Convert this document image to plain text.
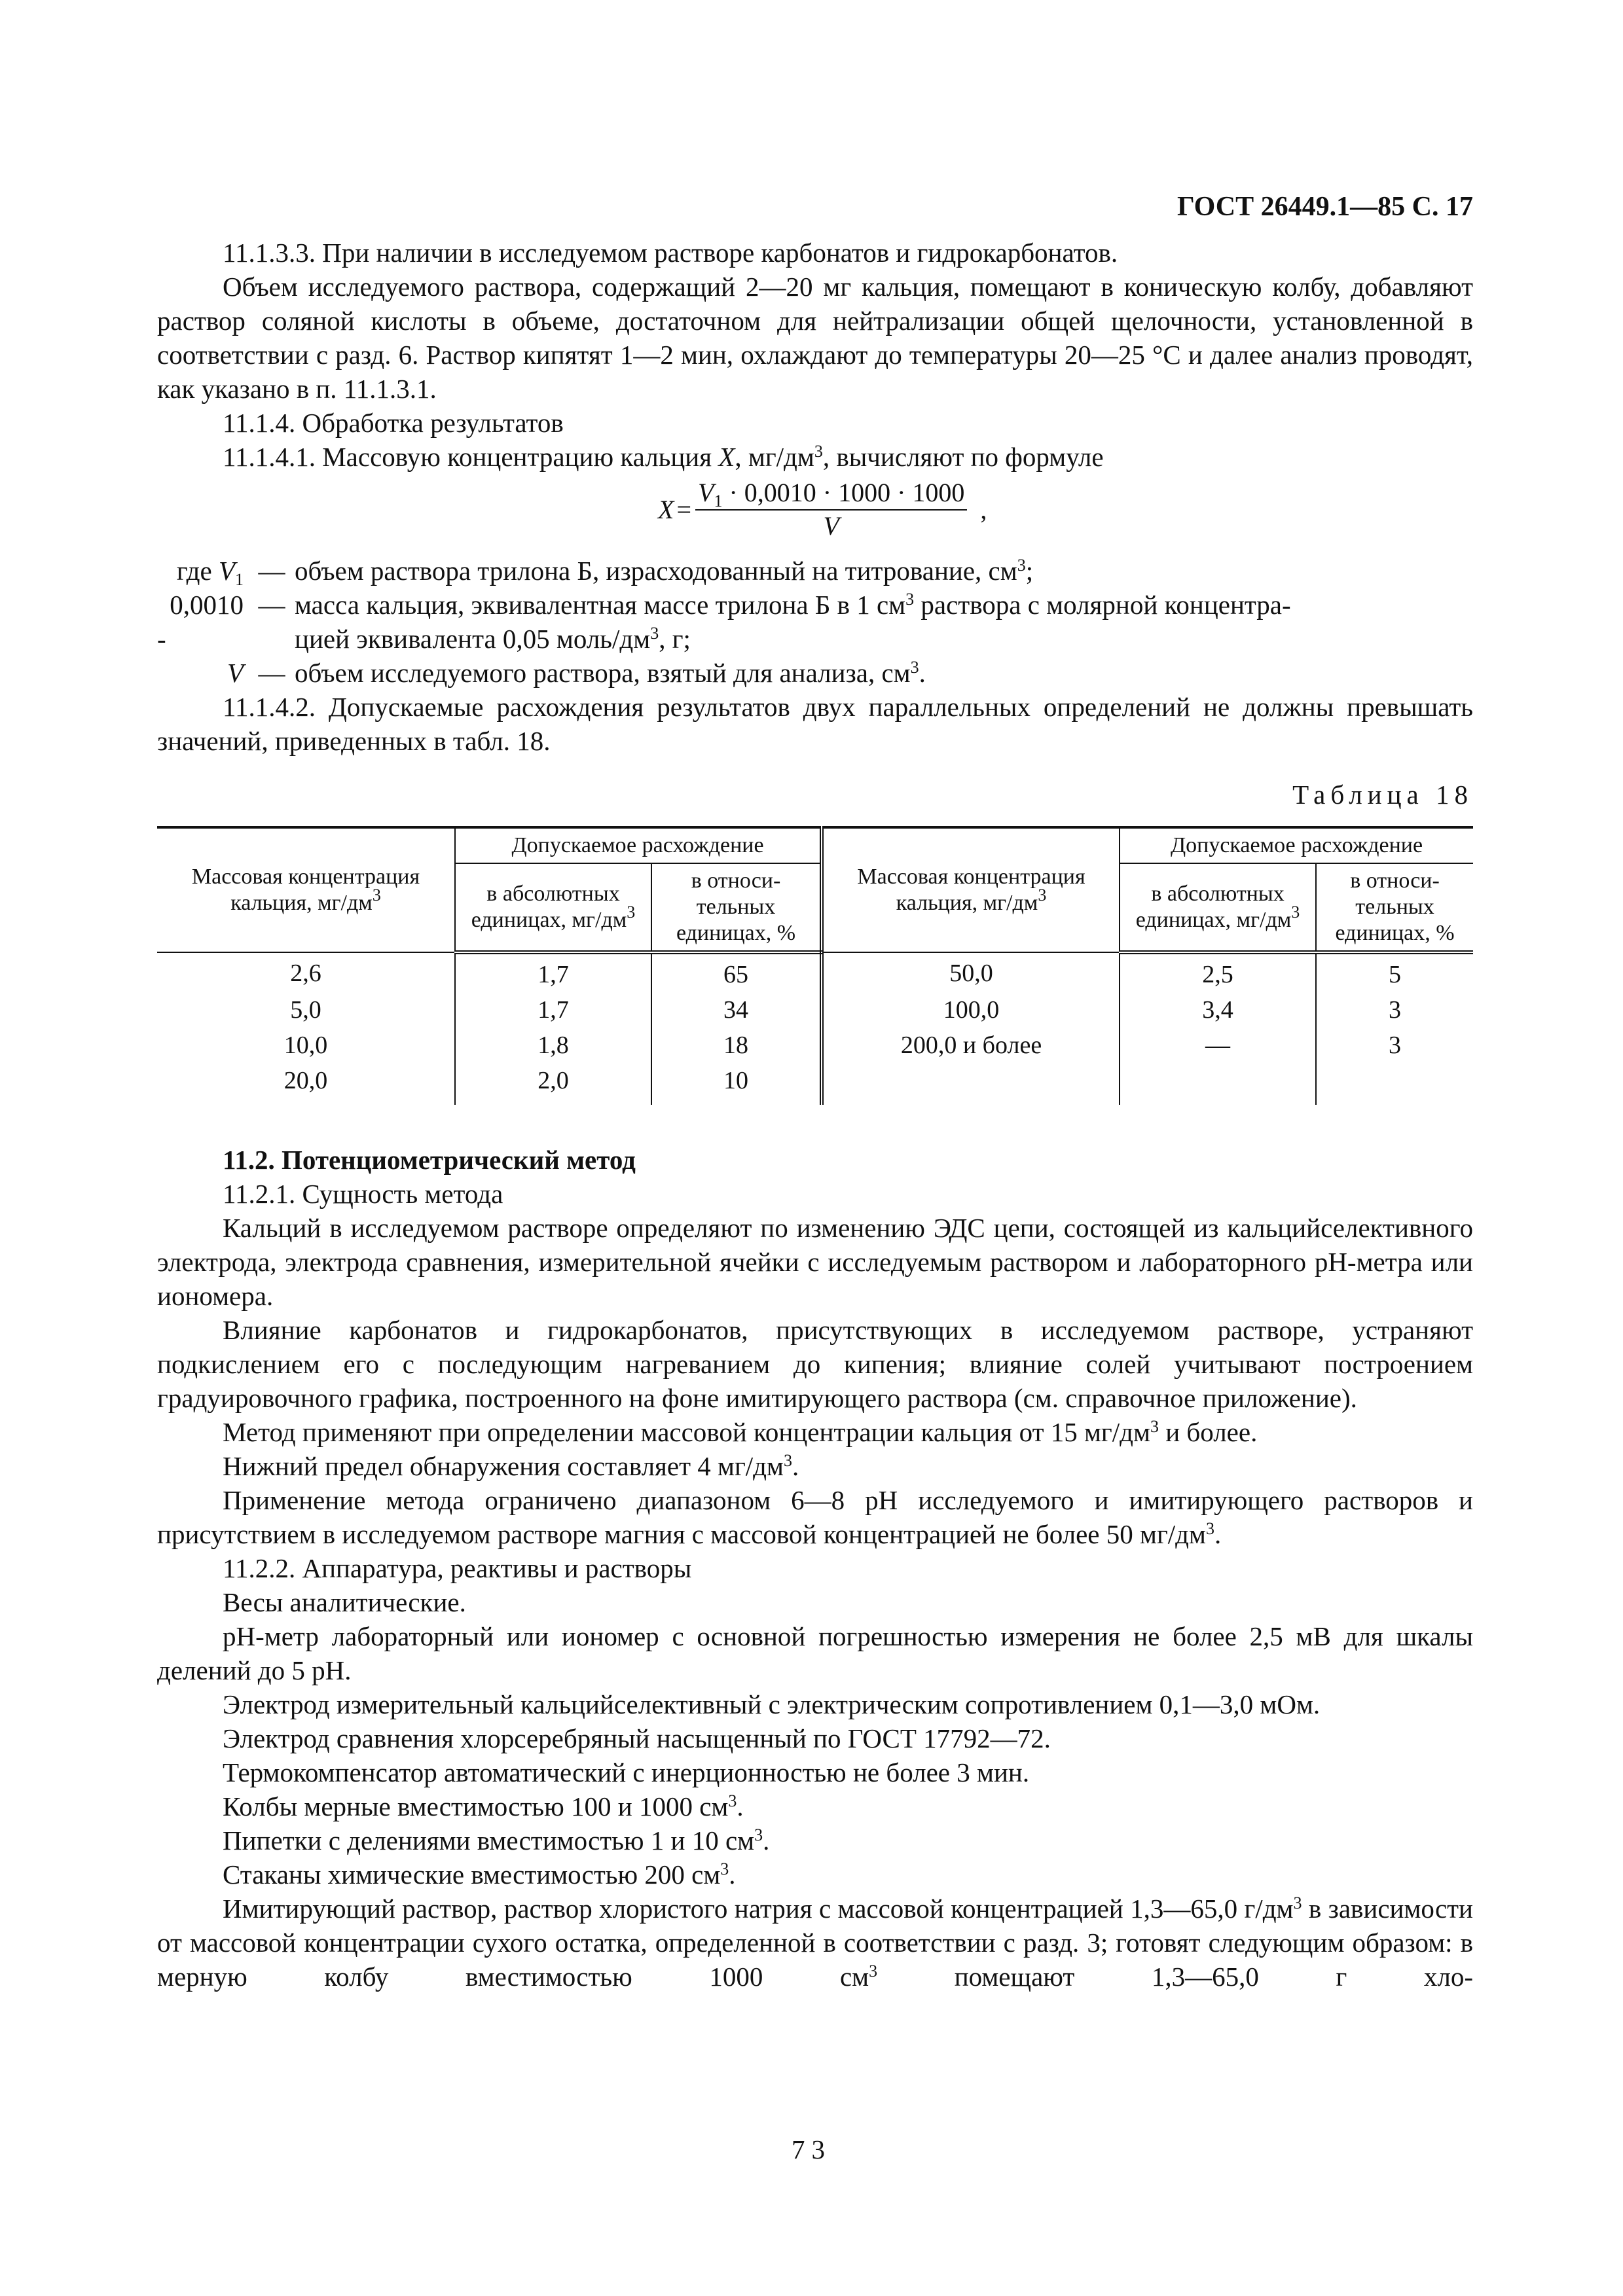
ГОСТ 26449.1—85 С. 17

11.1.3.3. При наличии в исследуемом растворе карбонатов и гидрокарбонатов.

Объем исследуемого раствора, содержащий 2—20 мг кальция, помещают в коническую колбу, добавляют раствор соляной кислоты в объеме, достаточном для нейтрализации общей щелочности, установленной в соответствии с разд. 6. Раствор кипятят 1—2 мин, охлаждают до температуры 20—25 °С и далее анализ проводят, как указано в п. 11.1.3.1.

11.1.4. Обработка результатов

11.1.4.1. Массовую концентрацию кальция X, $мг/дм^3$, вычисляют по формуле

$X = \frac{V_1 \cdot 0,0010 \cdot 1000 \cdot 1000}{V}$ ,
где $V_1$ — объем раствора трилона Б, израсходованный на титрование, $см^3$;
0,0010 — масса кальция, эквивалентная массе трилона Б в 1 $см^3$ раствора с молярной концентра-
-	цией эквивалента 0,05 моль/$дм^3$, г;
V — объем исследуемого раствора, взятый для анализа, $см^3$.

11.1.4.2. Допускаемые расхождения результатов двух параллельных определений не должны превышать значений, приведенных в табл. 18.

Таблица 18
Массовая концентрация кальция, $мг/дм^3$	Допускаемое расхождение		Массовая концентрация кальция, $мг/дм^3$	Допускаемое расхождение	
	в абсолютных единицах, $мг/дм^3$	в относи- тельных единицах, %		в абсолютных единицах, $мг/дм^3$	в относи- тельных единицах, %
2,6	1,7	65	50,0	2,5	5
5,0	1,7	34	100,0	3,4	3
10,0	1,8	18	200,0 и более	—	3
20,0	2,0	10			

11.2. Потенциометрический метод

11.2.1. Сущность метода

Кальций в исследуемом растворе определяют по изменению ЭДС цепи, состоящей из кальцийселективного электрода, электрода сравнения, измерительной ячейки с исследуемым раствором и лабораторного рН-метра или иономера.

Влияние карбонатов и гидрокарбонатов, присутствующих в исследуемом растворе, устраняют подкислением его с последующим нагреванием до кипения; влияние солей учитывают построением градуировочного графика, построенного на фоне имитирующего раствора (см. справочное приложение).

Метод применяют при определении массовой концентрации кальция от 15 $мг/дм^3$ и более.

Нижний предел обнаружения составляет 4 $мг/дм^3$.

Применение метода ограничено диапазоном 6—8 рН исследуемого и имитирующего растворов и присутствием в исследуемом растворе магния с массовой концентрацией не более 50 $мг/дм^3$.

11.2.2. Аппаратура, реактивы и растворы

Весы аналитические.

рН-метр лабораторный или иономер с основной погрешностью измерения не более 2,5 мВ для шкалы делений до 5 рН.

Электрод измерительный кальцийселективный с электрическим сопротивлением 0,1—3,0 мОм.

Электрод сравнения хлорсеребряный насыщенный по ГОСТ 17792—72.

Термокомпенсатор автоматический с инерционностью не более 3 мин.

Колбы мерные вместимостью 100 и 1000 $см^3$.

Пипетки с делениями вместимостью 1 и 10 $см^3$.

Стаканы химические вместимостью 200 $см^3$.

Имитирующий раствор, раствор хлористого натрия с массовой концентрацией 1,3—65,0 $г/дм^3$ в зависимости от массовой концентрации сухого остатка, определенной в соответствии с разд. 3; готовят следующим образом: в мерную колбу вместимостью 1000 $см^3$ помещают 1,3—65,0 г хло-

73
